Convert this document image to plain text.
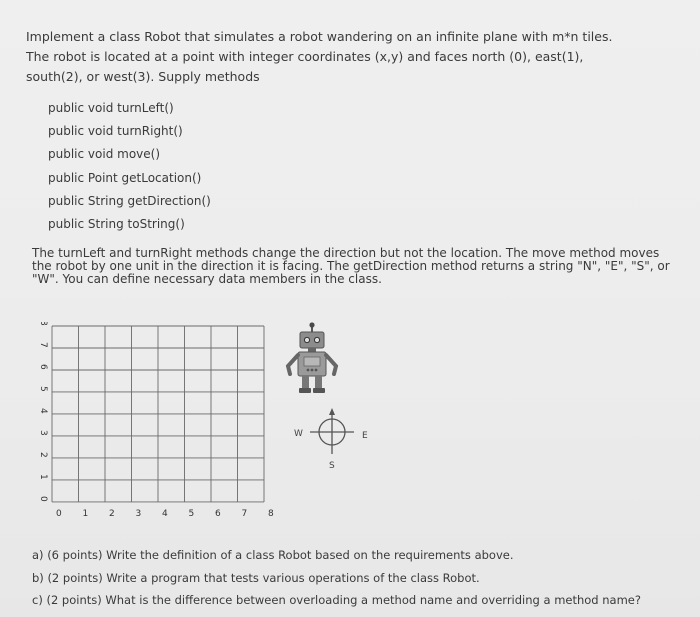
Implement a class Robot that simulates a robot wandering on an infinite plane with m*n tiles. The robot is located at a point with integer coordinates (x,y) and faces north (0), east(1), south(2), or west(3). Supply methods
public void turnLeft()
public void turnRight()
public void move()
public Point getLocation()
public String getDirection()
public String toString()
The turnLeft and turnRight methods change the direction but not the location. The move method moves the robot by one unit in the direction it is facing. The getDirection method returns a string "N", "E", "S", or "W". You can define necessary data members in the class.
0 1 2 3 4 5 6 7 8
0
1
2
3
4
5
6
7
8
W	E
S
a) (6 points) Write the definition of a class Robot based on the requirements above.
b) (2 points) Write a program that tests various operations of the class Robot.
c) (2 points) What is the difference between overloading a method name and overriding a method name?
